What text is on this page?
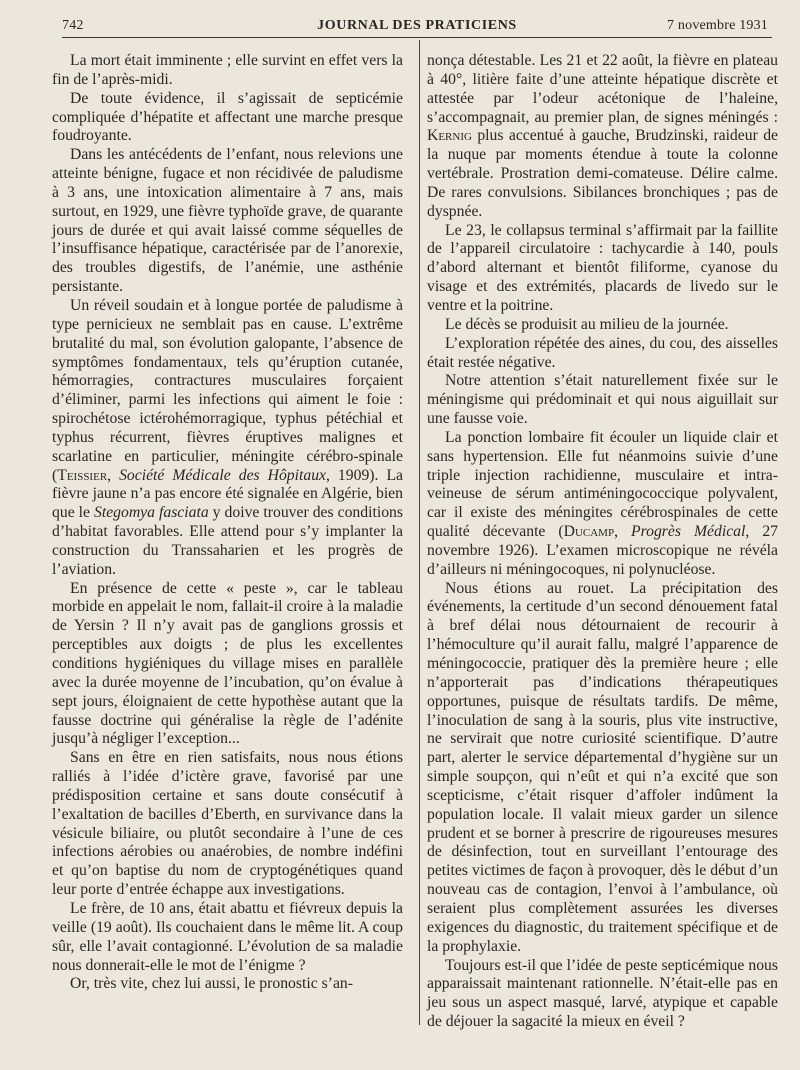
742	JOURNAL DES PRATICIENS	7 novembre 1931

La mort était imminente ; elle survint en effet vers la fin de l’après-midi.

De toute évidence, il s’agissait de septicémie compliquée d’hépatite et affectant une marche presque foudroyante.

Dans les antécédents de l’enfant, nous relevions une atteinte bénigne, fugace et non récidivée de paludisme à 3 ans, une intoxication alimentaire à 7 ans, mais surtout, en 1929, une fièvre typhoïde grave, de quarante jours de durée et qui avait laissé comme séquelles de l’insuffisance hépatique, caractérisée par de l’anorexie, des troubles digestifs, de l’anémie, une asthénie persistante.

Un réveil soudain et à longue portée de paludisme à type pernicieux ne semblait pas en cause. L’extrême brutalité du mal, son évolution galopante, l’absence de symptômes fondamentaux, tels qu’éruption cutanée, hémorragies, contractures musculaires forçaient d’éliminer, parmi les infections qui aiment le foie : spirochétose ictérohémorragique, typhus pétéchial et typhus récurrent, fièvres éruptives malignes et scarlatine en particulier, méningite cérébro-spinale (Teissier, Société Médicale des Hôpitaux, 1909). La fièvre jaune n’a pas encore été signalée en Algérie, bien que le Stegomya fasciata y doive trouver des conditions d’habitat favorables. Elle attend pour s’y implanter la construction du Transsaharien et les progrès de l’aviation.

En présence de cette « peste », car le tableau morbide en appelait le nom, fallait-il croire à la maladie de Yersin ? Il n’y avait pas de ganglions grossis et perceptibles aux doigts ; de plus les excellentes conditions hygiéniques du village mises en parallèle avec la durée moyenne de l’incubation, qu’on évalue à sept jours, éloignaient de cette hypothèse autant que la fausse doctrine qui généralise la règle de l’adénite jusqu’à négliger l’exception...

Sans en être en rien satisfaits, nous nous étions ralliés à l’idée d’ictère grave, favorisé par une prédisposition certaine et sans doute consécutif à l’exaltation de bacilles d’Eberth, en survivance dans la vésicule biliaire, ou plutôt secondaire à l’une de ces infections aérobies ou anaérobies, de nombre indéfini et qu’on baptise du nom de cryptogénétiques quand leur porte d’entrée échappe aux investigations.

Le frère, de 10 ans, était abattu et fiévreux depuis la veille (19 août). Ils couchaient dans le même lit. A coup sûr, elle l’avait contagionné. L’évolution de sa maladie nous donnerait-elle le mot de l’énigme ?

Or, très vite, chez lui aussi, le pronostic s’an-

nonça détestable. Les 21 et 22 août, la fièvre en plateau à 40°, litière faite d’une atteinte hépatique discrète et attestée par l’odeur acétonique de l’haleine, s’accompagnait, au premier plan, de signes méningés : Kernig plus accentué à gauche, Brudzinski, raideur de la nuque par moments étendue à toute la colonne vertébrale. Prostration demi-comateuse. Délire calme. De rares convulsions. Sibilances bronchiques ; pas de dyspnée.

Le 23, le collapsus terminal s’affirmait par la faillite de l’appareil circulatoire : tachycardie à 140, pouls d’abord alternant et bientôt filiforme, cyanose du visage et des extrémités, placards de livedo sur le ventre et la poitrine.

Le décès se produisit au milieu de la journée.

L’exploration répétée des aines, du cou, des aisselles était restée négative.

Notre attention s’était naturellement fixée sur le méningisme qui prédominait et qui nous aiguillait sur une fausse voie.

La ponction lombaire fit écouler un liquide clair et sans hypertension. Elle fut néanmoins suivie d’une triple injection rachidienne, musculaire et intra-veineuse de sérum antiméningococcique polyvalent, car il existe des méningites cérébrospinales de cette qualité décevante (Ducamp, Progrès Médical, 27 novembre 1926). L’examen microscopique ne révéla d’ailleurs ni méningocoques, ni polynucléose.

Nous étions au rouet. La précipitation des événements, la certitude d’un second dénouement fatal à bref délai nous détournaient de recourir à l’hémoculture qu’il aurait fallu, malgré l’apparence de méningococcie, pratiquer dès la première heure ; elle n’apporterait pas d’indications thérapeutiques opportunes, puisque de résultats tardifs. De même, l’inoculation de sang à la souris, plus vite instructive, ne servirait que notre curiosité scientifique. D’autre part, alerter le service départemental d’hygiène sur un simple soupçon, qui n’eût et qui n’a excité que son scepticisme, c’était risquer d’affoler indûment la population locale. Il valait mieux garder un silence prudent et se borner à prescrire de rigoureuses mesures de désinfection, tout en surveillant l’entourage des petites victimes de façon à provoquer, dès le début d’un nouveau cas de contagion, l’envoi à l’ambulance, où seraient plus complètement assurées les diverses exigences du diagnostic, du traitement spécifique et de la prophylaxie.

Toujours est-il que l’idée de peste septicémique nous apparaissait maintenant rationnelle. N’était-elle pas en jeu sous un aspect masqué, larvé, atypique et capable de déjouer la sagacité la mieux en éveil ?
